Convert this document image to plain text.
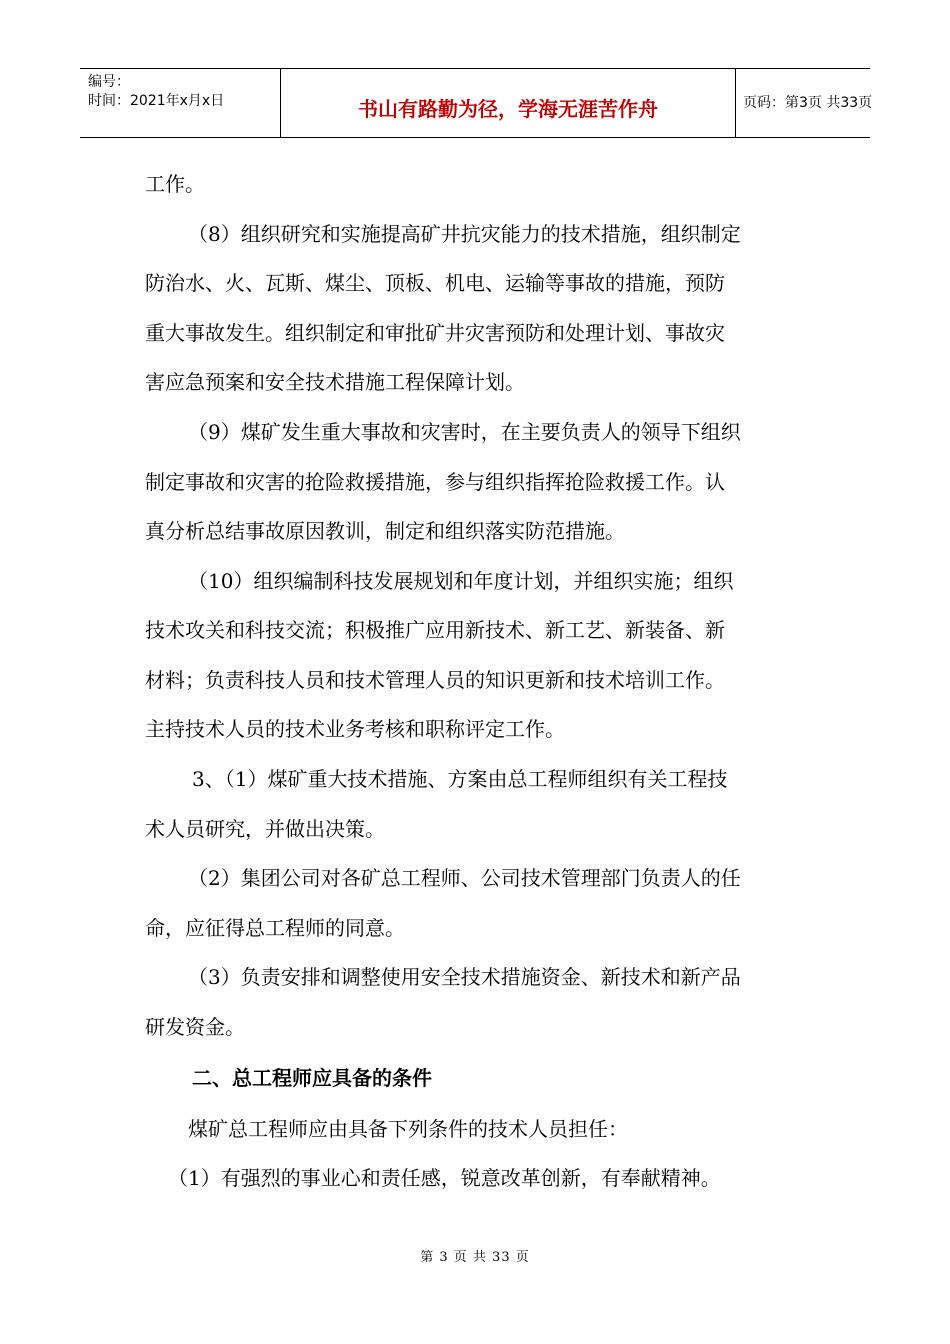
编号：
时间：2021年x月x日	书山有路勤为径，学海无涯苦作舟	页码：第3页 共33页
工作。
（8）组织研究和实施提高矿井抗灾能力的技术措施，组织制定
防治水、火、瓦斯、煤尘、顶板、机电、运输等事故的措施，预防
重大事故发生。组织制定和审批矿井灾害预防和处理计划、事故灾
害应急预案和安全技术措施工程保障计划。
（9）煤矿发生重大事故和灾害时，在主要负责人的领导下组织
制定事故和灾害的抢险救援措施，参与组织指挥抢险救援工作。认
真分析总结事故原因教训，制定和组织落实防范措施。
（10）组织编制科技发展规划和年度计划，并组织实施；组织
技术攻关和科技交流；积极推广应用新技术、新工艺、新装备、新
材料；负责科技人员和技术管理人员的知识更新和技术培训工作。
主持技术人员的技术业务考核和职称评定工作。
3、（1）煤矿重大技术措施、方案由总工程师组织有关工程技
术人员研究，并做出决策。
（2）集团公司对各矿总工程师、公司技术管理部门负责人的任
命，应征得总工程师的同意。
（3）负责安排和调整使用安全技术措施资金、新技术和新产品
研发资金。
二、总工程师应具备的条件
煤矿总工程师应由具备下列条件的技术人员担任：
（1）有强烈的事业心和责任感，锐意改革创新，有奉献精神。
第 3 页 共 33 页
